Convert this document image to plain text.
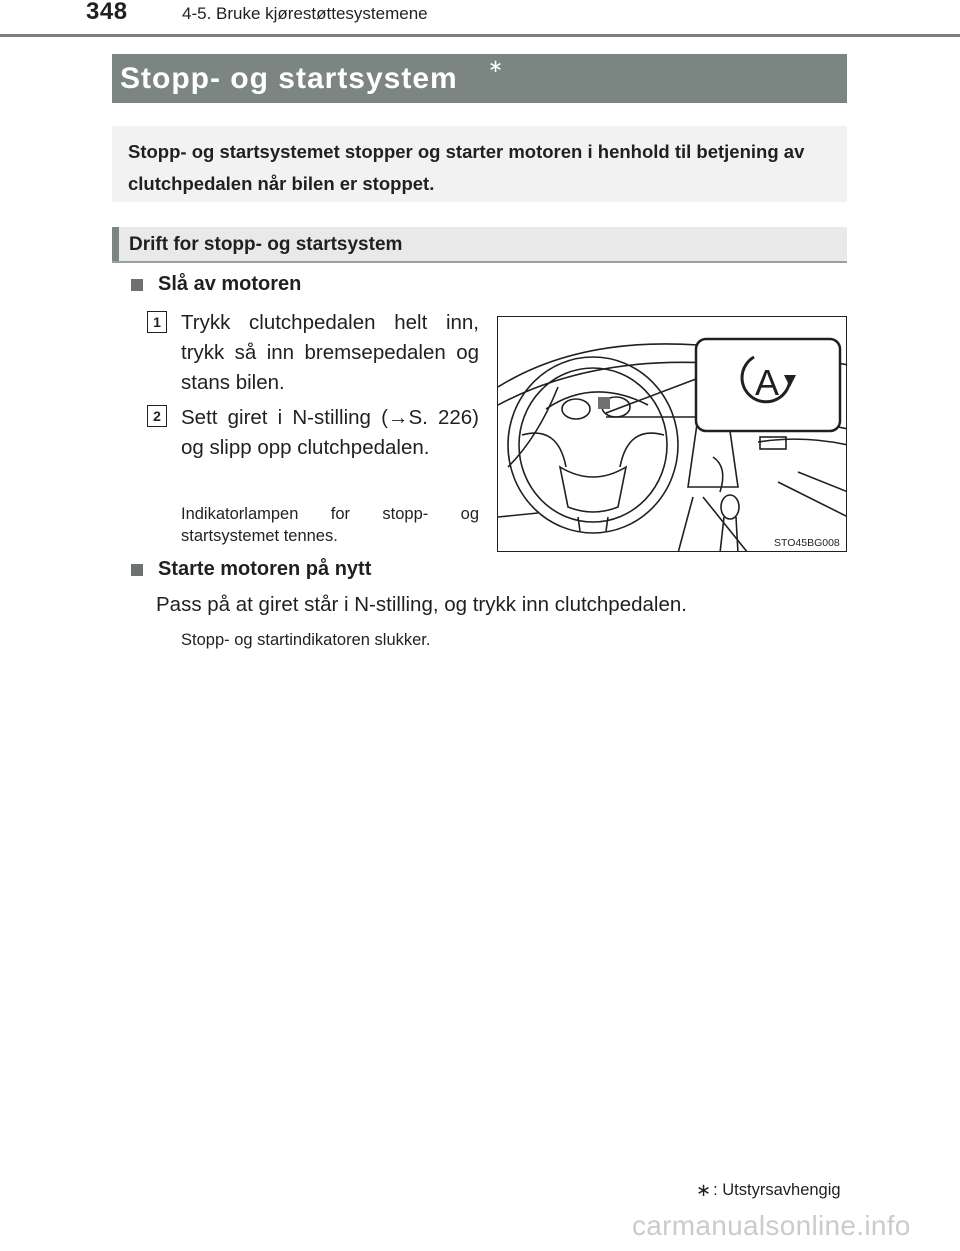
348	4-5. Bruke kjørestøttesystemene
Stopp- og startsystem ∗
Stopp- og startsystemet stopper og starter motoren i henhold til betjening av clutchpedalen når bilen er stoppet.
Drift for stopp- og startsystem
Slå av motoren
1 Trykk clutchpedalen helt inn, trykk så inn bremsepedalen og stans bilen.
2 Sett giret i N-stilling (→S. 226) og slipp opp clutchpedalen.
Indikatorlampen for stopp- og startsystemet tennes.
A
STO45BG008
Starte motoren på nytt
Pass på at giret står i N-stilling, og trykk inn clutchpedalen.
Stopp- og startindikatoren slukker.
∗ : Utstyrsavhengig
carmanualsonline.info
